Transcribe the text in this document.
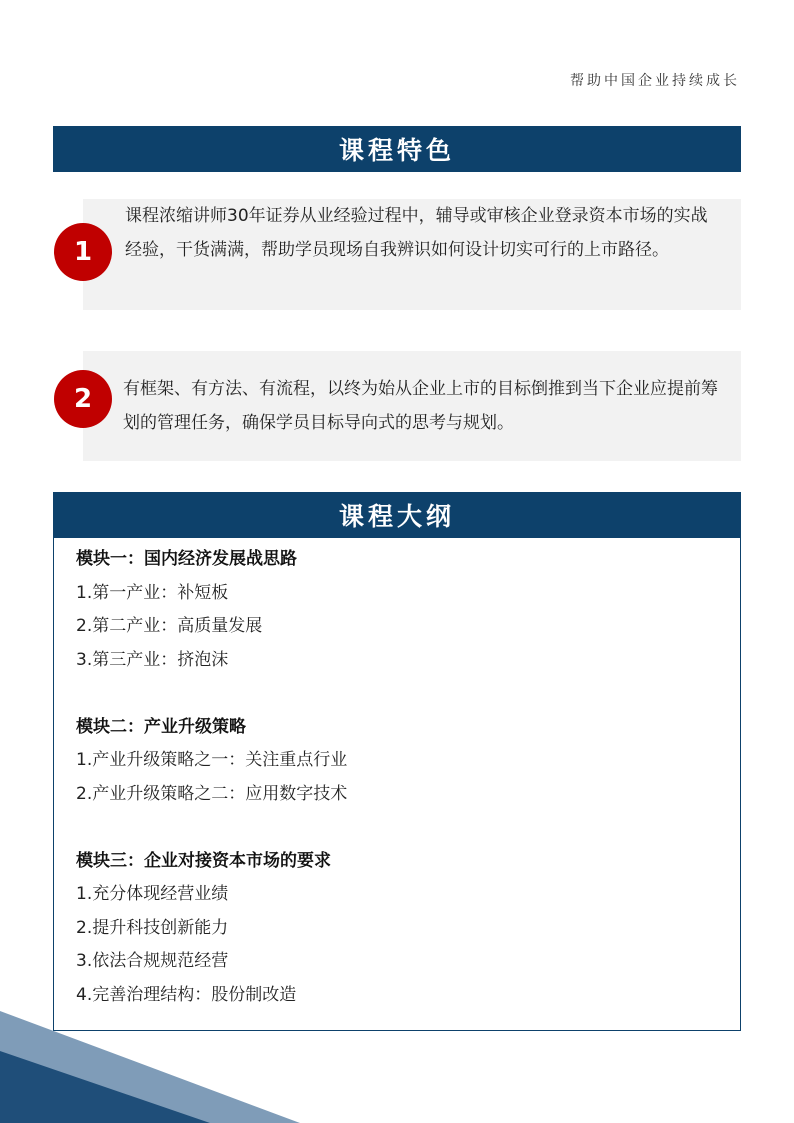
帮助中国企业持续成长
课程特色
课程浓缩讲师30年证券从业经验过程中，辅导或审核企业登录资本市场的实战经验，干货满满，帮助学员现场自我辨识如何设计切实可行的上市路径。
1
有框架、有方法、有流程，以终为始从企业上市的目标倒推到当下企业应提前筹划的管理任务，确保学员目标导向式的思考与规划。
2
课程大纲
模块一：国内经济发展战思路
1.第一产业：补短板
2.第二产业：高质量发展
3.第三产业：挤泡沫
模块二：产业升级策略
1.产业升级策略之一：关注重点行业
2.产业升级策略之二：应用数字技术
模块三：企业对接资本市场的要求
1.充分体现经营业绩
2.提升科技创新能力
3.依法合规规范经营
4.完善治理结构：股份制改造
